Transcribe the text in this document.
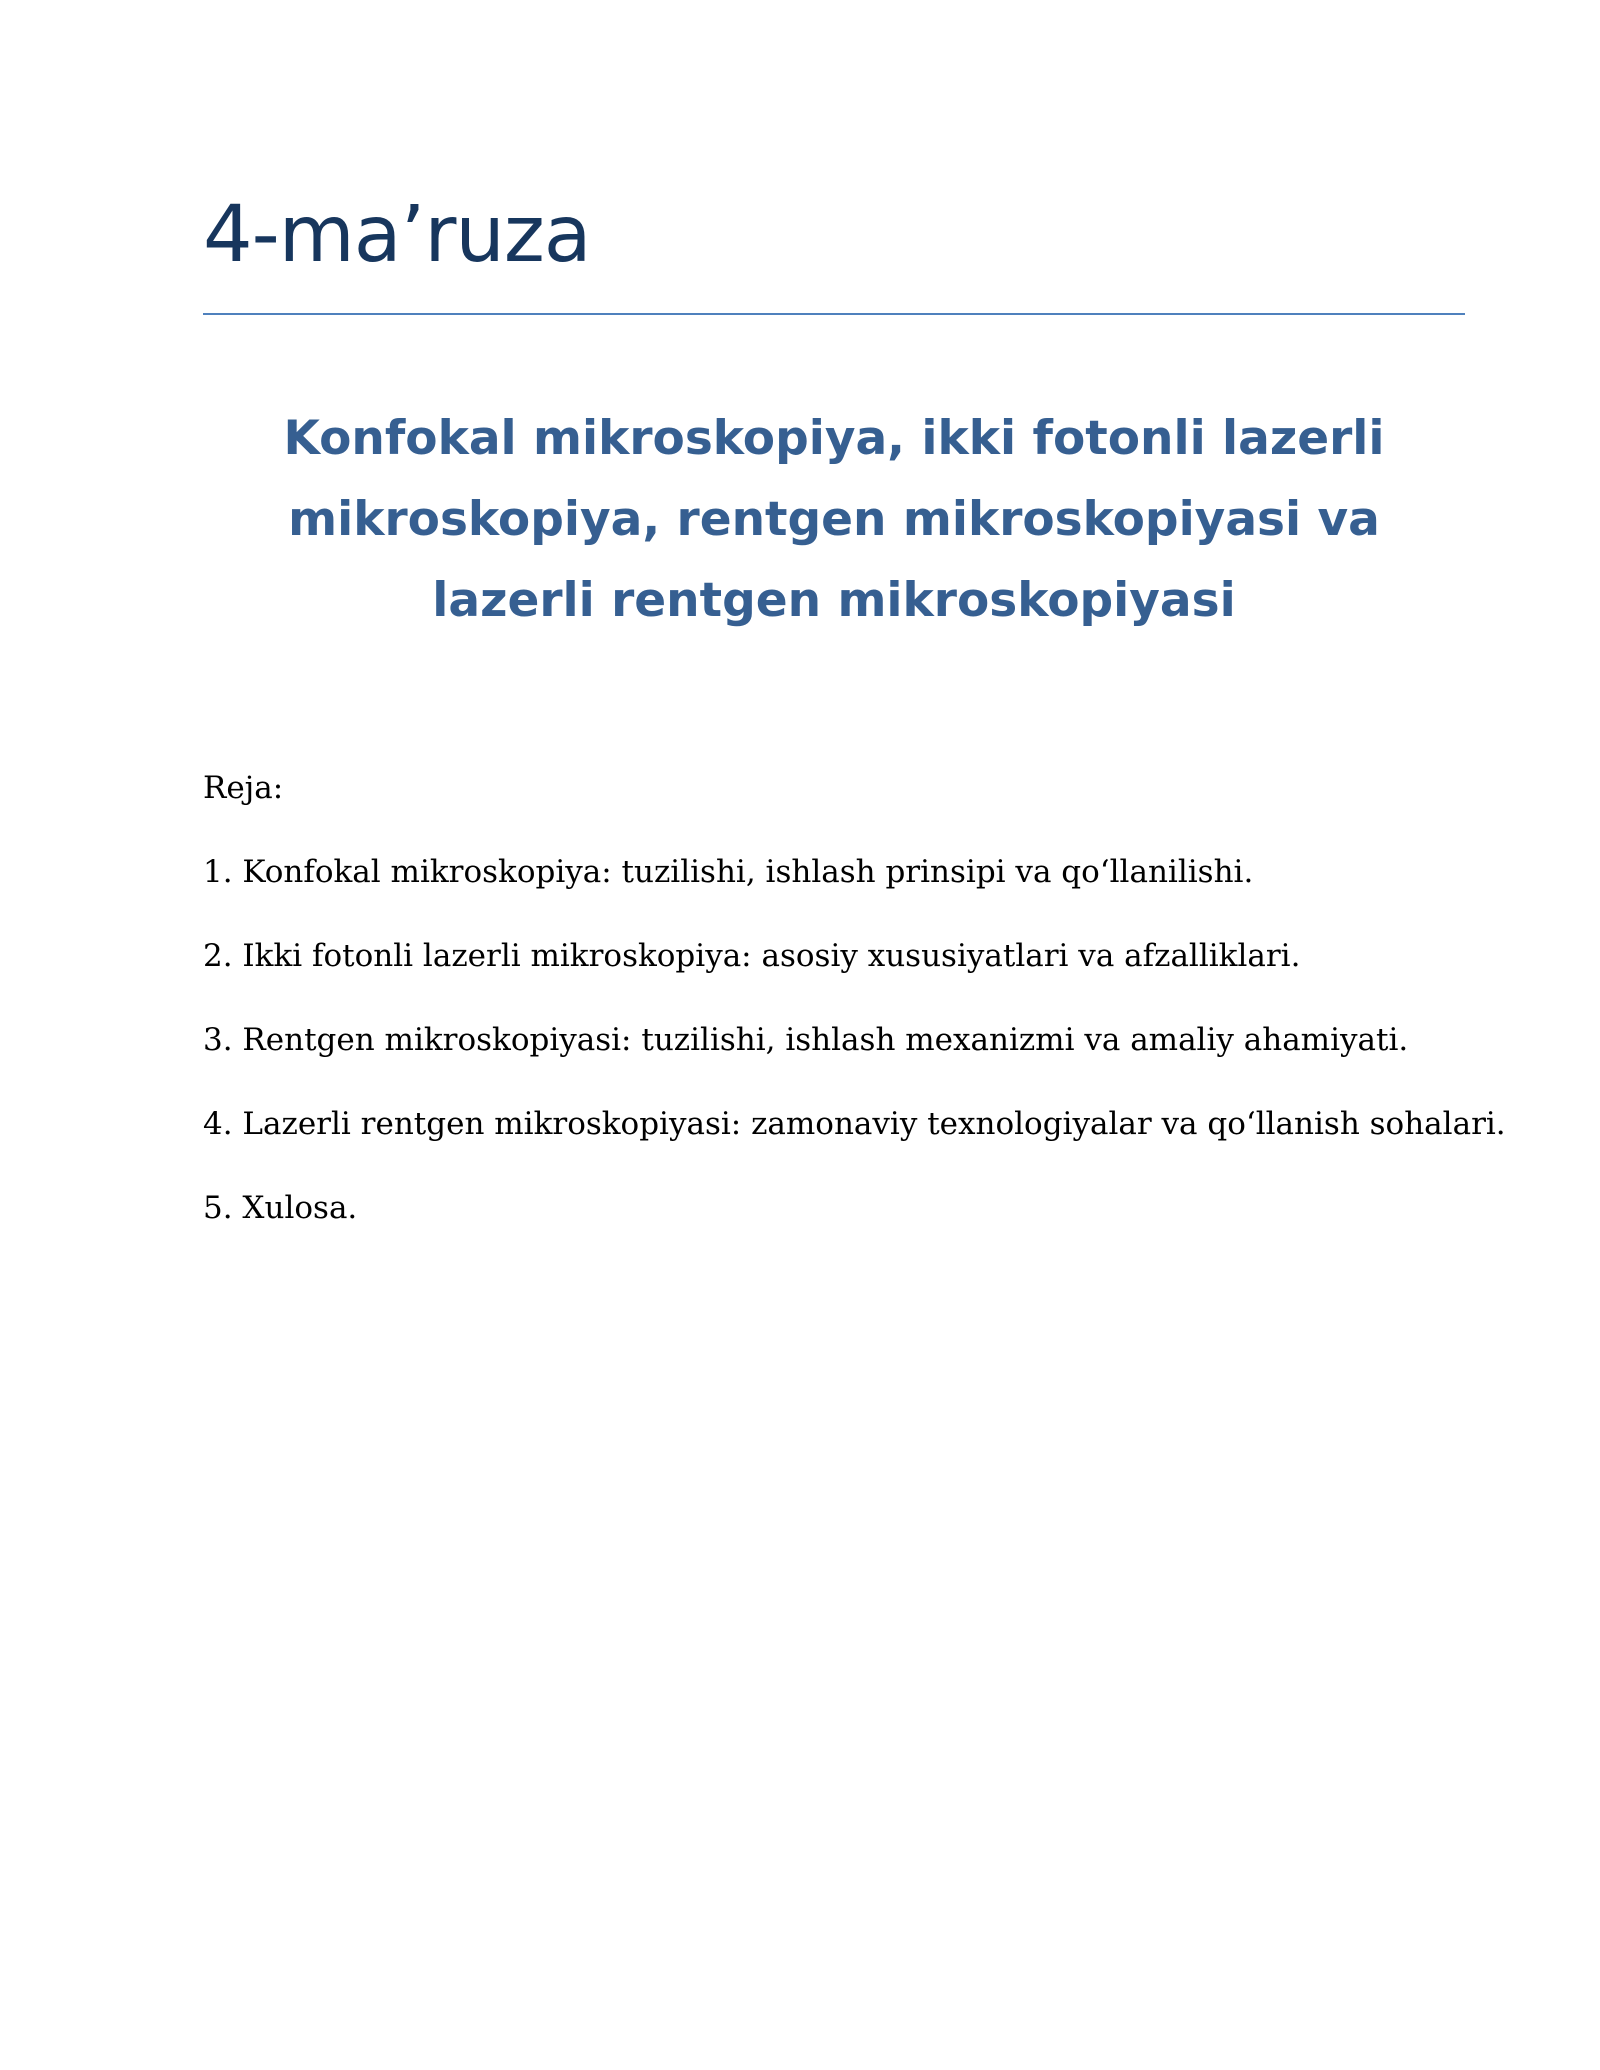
4-ma’ruza
Konfokal mikroskopiya, ikki fotonli lazerli mikroskopiya, rentgen mikroskopiyasi va lazerli rentgen mikroskopiyasi

Reja:

1. Konfokal mikroskopiya: tuzilishi, ishlash prinsipi va qo‘llanilishi.
2. Ikki fotonli lazerli mikroskopiya: asosiy xususiyatlari va afzalliklari.
3. Rentgen mikroskopiyasi: tuzilishi, ishlash mexanizmi va amaliy ahamiyati.
4. Lazerli rentgen mikroskopiyasi: zamonaviy texnologiyalar va qo‘llanish sohalari.
5. Xulosa.
